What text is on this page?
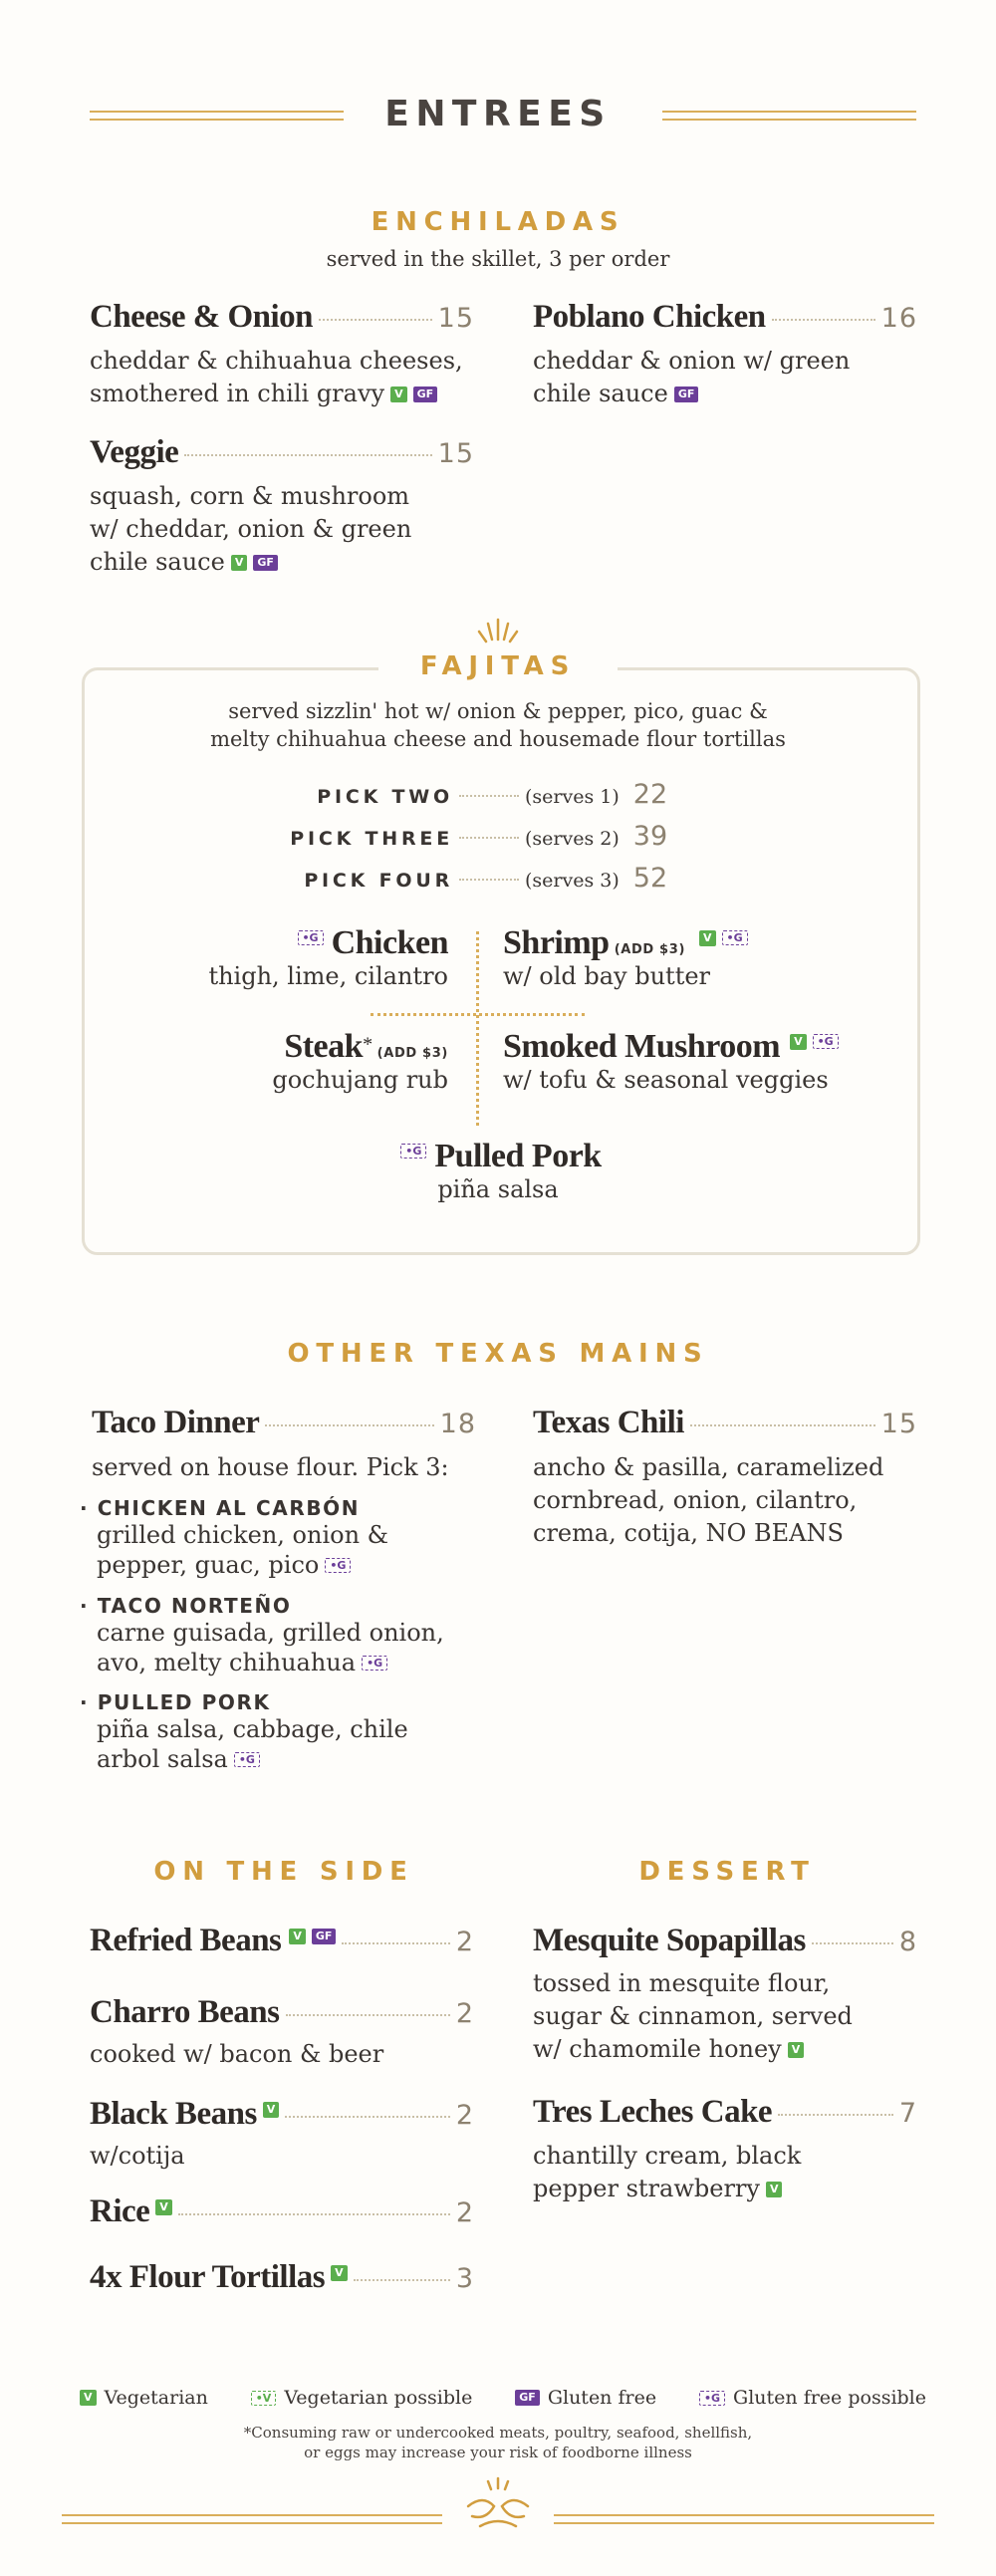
ENTREES
ENCHILADAS
served in the skillet, 3 per order
Cheese & Onion	15
cheddar & chihuahua cheeses,
smothered in chili gravy V GF
Poblano Chicken	16
cheddar & onion w/ green
chile sauce GF
Veggie	15
squash, corn & mushroom
w/ cheddar, onion & green
chile sauce V GF
FAJITAS
served sizzlin' hot w/ onion & pepper, pico, guac &
melty chihuahua cheese and housemade flour tortillas
PICK TWO	(serves 1) 22
PICK THREE	(serves 2) 39
PICK FOUR	(serves 3) 52
•G Chicken
thigh, lime, cilantro
Shrimp (ADD $3)V •G
w/ old bay butter
Steak* (ADD $3)
gochujang rub
Smoked Mushroom V •G
w/ tofu & seasonal veggies
•G Pulled Pork
piña salsa
OTHER TEXAS MAINS
Taco Dinner	18
served on house flour. Pick 3:
· CHICKEN AL CARBÓN
grilled chicken, onion &
pepper, guac, pico •G
· TACO NORTEÑO
carne guisada, grilled onion,
avo, melty chihuahua •G
· PULLED PORK
piña salsa, cabbage, chile
arbol salsa •G
Texas Chili	15
ancho & pasilla, caramelized
cornbread, onion, cilantro,
crema, cotija, NO BEANS
ON THE SIDE
Refried Beans	V	GF	2
Charro Beans	2
cooked w/ bacon & beer
Black Beans V	2
w/cotija
Rice V	2
4x Flour Tortillas V	3
DESSERT
Mesquite Sopapillas	8
tossed in mesquite flour,
sugar & cinnamon, served
w/ chamomile honey V
Tres Leches Cake	7
chantilly cream, black
pepper strawberry V
V Vegetarian	•V Vegetarian possible	GF Gluten free	•G Gluten free possible
*Consuming raw or undercooked meats, poultry, seafood, shellfish,
or eggs may increase your risk of foodborne illness
